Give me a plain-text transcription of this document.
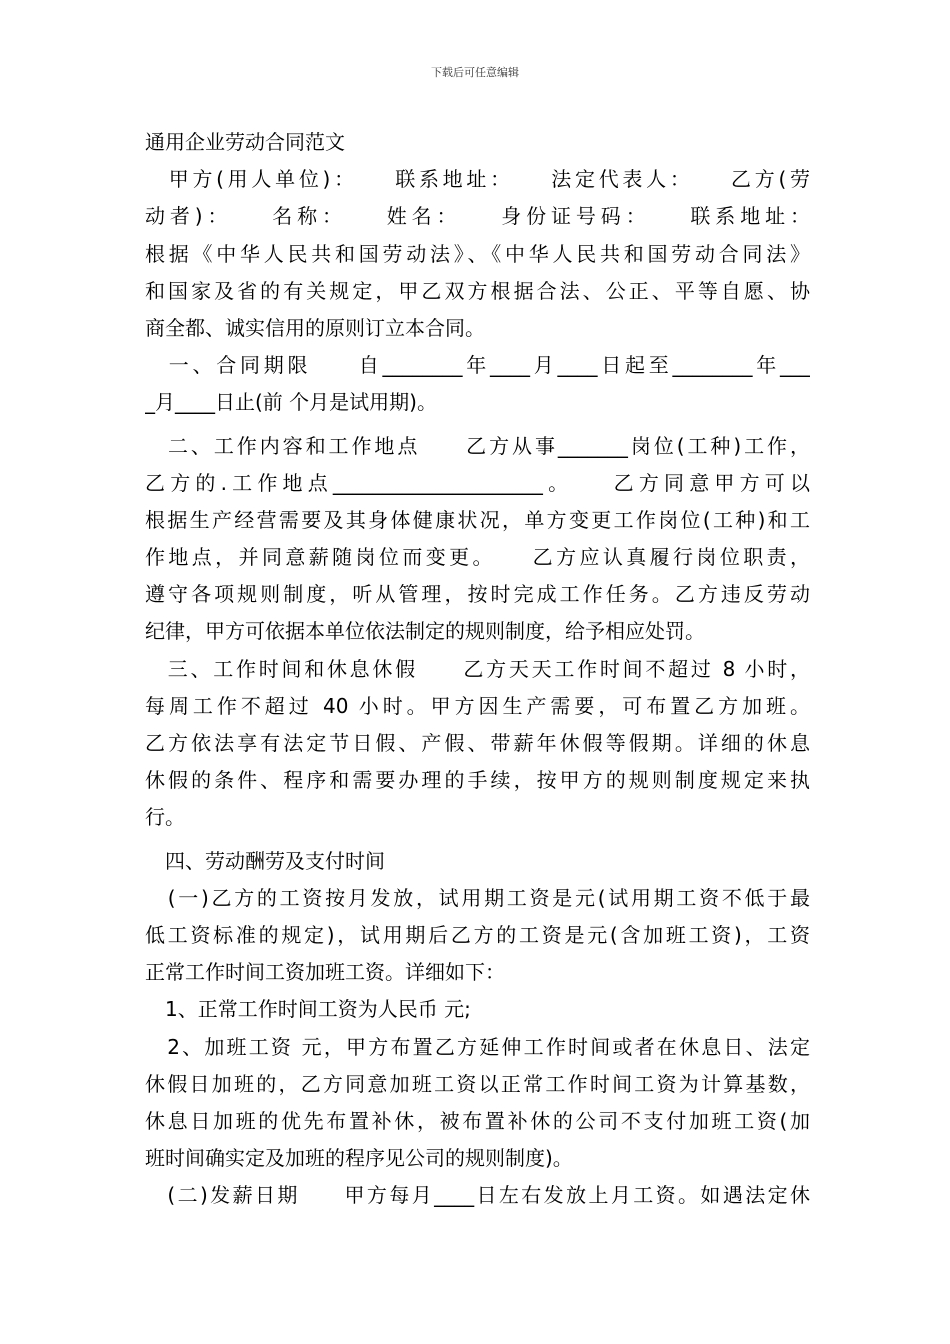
下载后可任意编辑
通用企业劳动合同范文
　甲方(用人单位)：　　联系地址：　　法定代表人：　　乙方(劳
动者)：　　名称：　　姓名：　　身份证号码：　　联系地址：
根据《中华人民共和国劳动法》、《中华人民共和国劳动合同法》
和国家及省的有关规定，甲乙双方根据合法、公正、平等自愿、协
商全都、诚实信用的原则订立本合同。
　一、合同期限　　自________年____月____日起至________年___
_月____日止(前 个月是试用期)。
　二、工作内容和工作地点　　乙方从事_______岗位(工种)工作，
乙方的.工作地点_____________________。　　乙方同意甲方可以
根据生产经营需要及其身体健康状况，单方变更工作岗位(工种)和工
作地点，并同意薪随岗位而变更。　　乙方应认真履行岗位职责，
遵守各项规则制度，听从管理，按时完成工作任务。乙方违反劳动
纪律，甲方可依据本单位依法制定的规则制度，给予相应处罚。
　三、工作时间和休息休假　　乙方天天工作时间不超过 8 小时，
每周工作不超过 40 小时。甲方因生产需要，可布置乙方加班。
乙方依法享有法定节日假、产假、带薪年休假等假期。详细的休息
休假的条件、程序和需要办理的手续，按甲方的规则制度规定来执
行。
　四、劳动酬劳及支付时间
　(一)乙方的工资按月发放，试用期工资是元(试用期工资不低于最
低工资标准的规定)，试用期后乙方的工资是元(含加班工资)，工资
正常工作时间工资加班工资。详细如下：
　1、正常工作时间工资为人民币 元;
　2、加班工资 元，甲方布置乙方延伸工作时间或者在休息日、法定
休假日加班的，乙方同意加班工资以正常工作时间工资为计算基数，
休息日加班的优先布置补休，被布置补休的公司不支付加班工资(加
班时间确实定及加班的程序见公司的规则制度)。
　(二)发薪日期　　甲方每月____日左右发放上月工资。如遇法定休
